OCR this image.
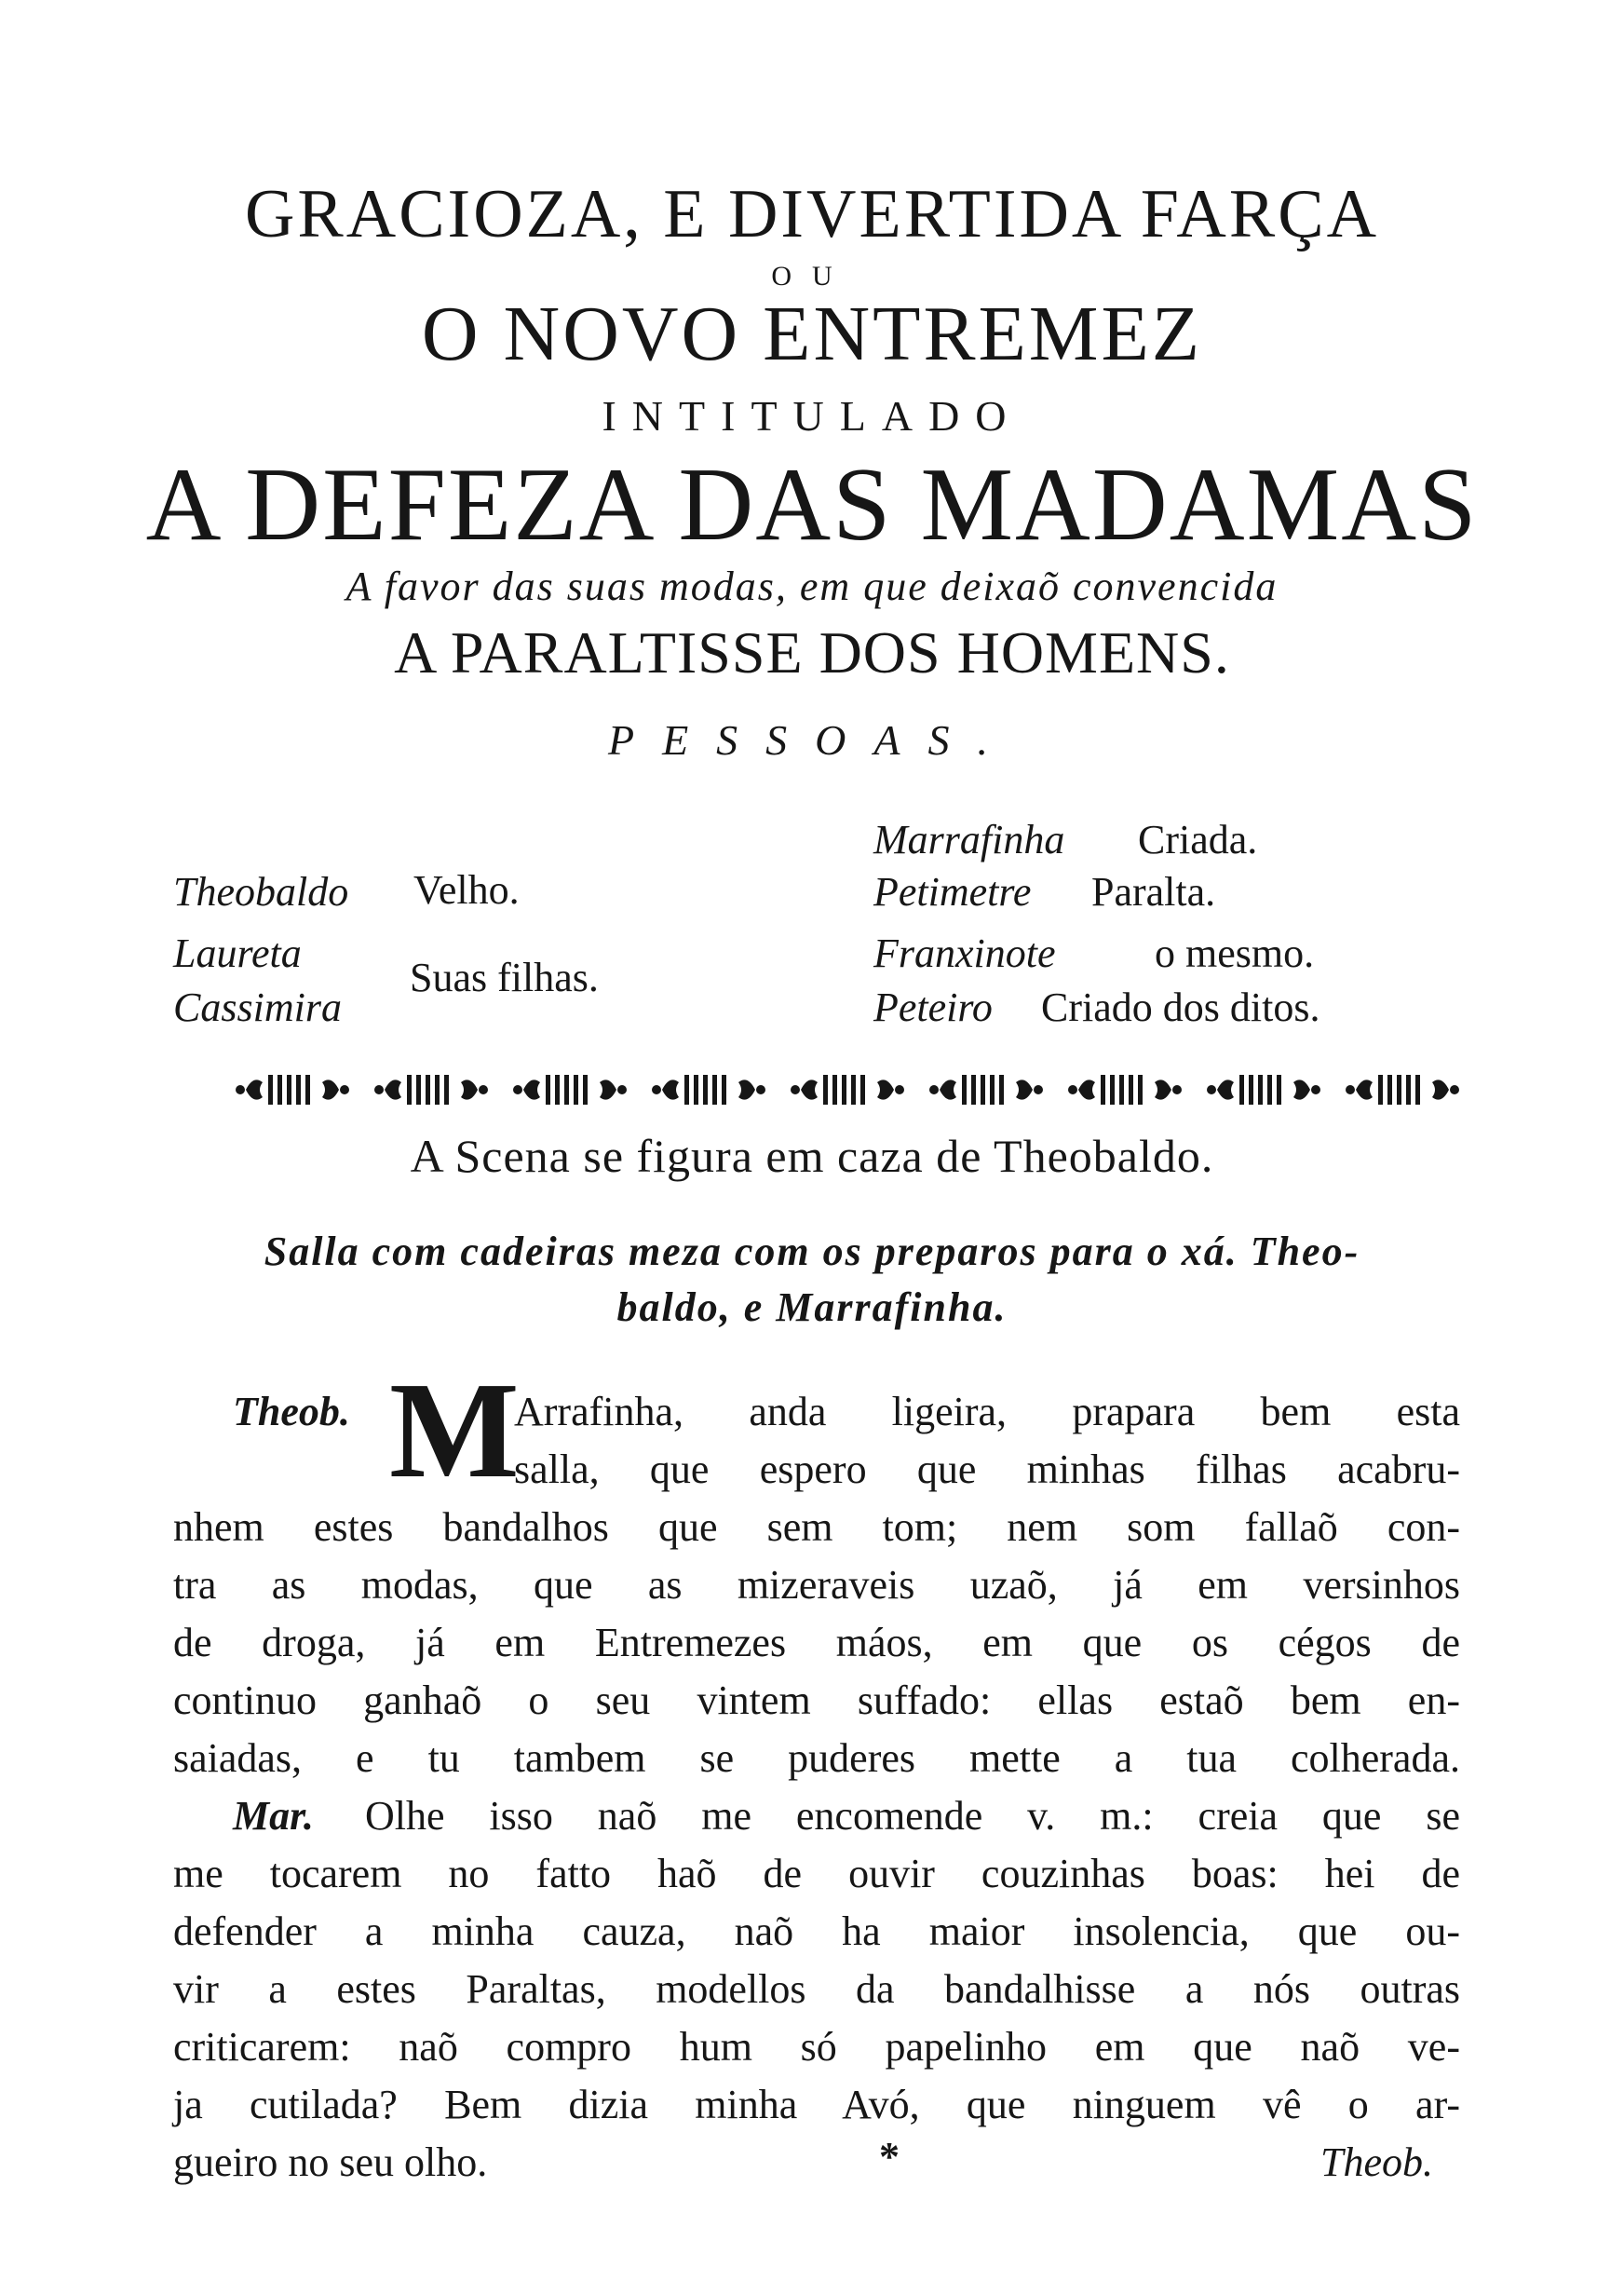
GRACIOZA, E DIVERTIDA FARÇA
OU
O NOVO ENTREMEZ
INTITULADO
A DEFEZA DAS MADAMAS
A favor das suas modas, em que deixaõ convencida
A PARALTISSE DOS HOMENS.
PESSOAS.
Theobaldo Velho.
Laureta
Cassimira
Suas filhas.
Marrafinha Criada.
Petimetre Paralta.
Franxinote o mesmo.
Peteiro Criado dos ditos.
A Scena se figura em caza de Theobaldo.
Salla com cadeiras meza com os preparos para o xá. Theo-
baldo, e Marrafinha.
Theob. M
Arrafinha, anda ligeira, prapara bem esta
salla, que espero que minhas filhas acabru-
nhem estes bandalhos que sem tom; nem som fallaõ con-
tra as modas, que as mizeraveis uzaõ, já em versinhos
de droga, já em Entremezes máos, em que os cégos de
continuo ganhaõ o seu vintem suffado: ellas estaõ bem en-
saiadas, e tu tambem se puderes mette a tua colherada.
Mar. Olhe isso naõ me encomende v. m.: creia que se
me tocarem no fatto haõ de ouvir couzinhas boas: hei de
defender a minha cauza, naõ ha maior insolencia, que ou-
vir a estes Paraltas, modellos da bandalhisse a nós outras
criticarem: naõ compro hum só papelinho em que naõ ve-
ja cutilada? Bem dizia minha Avó, que ninguem vê o ar-
gueiro no seu olho.	*	Theob.
